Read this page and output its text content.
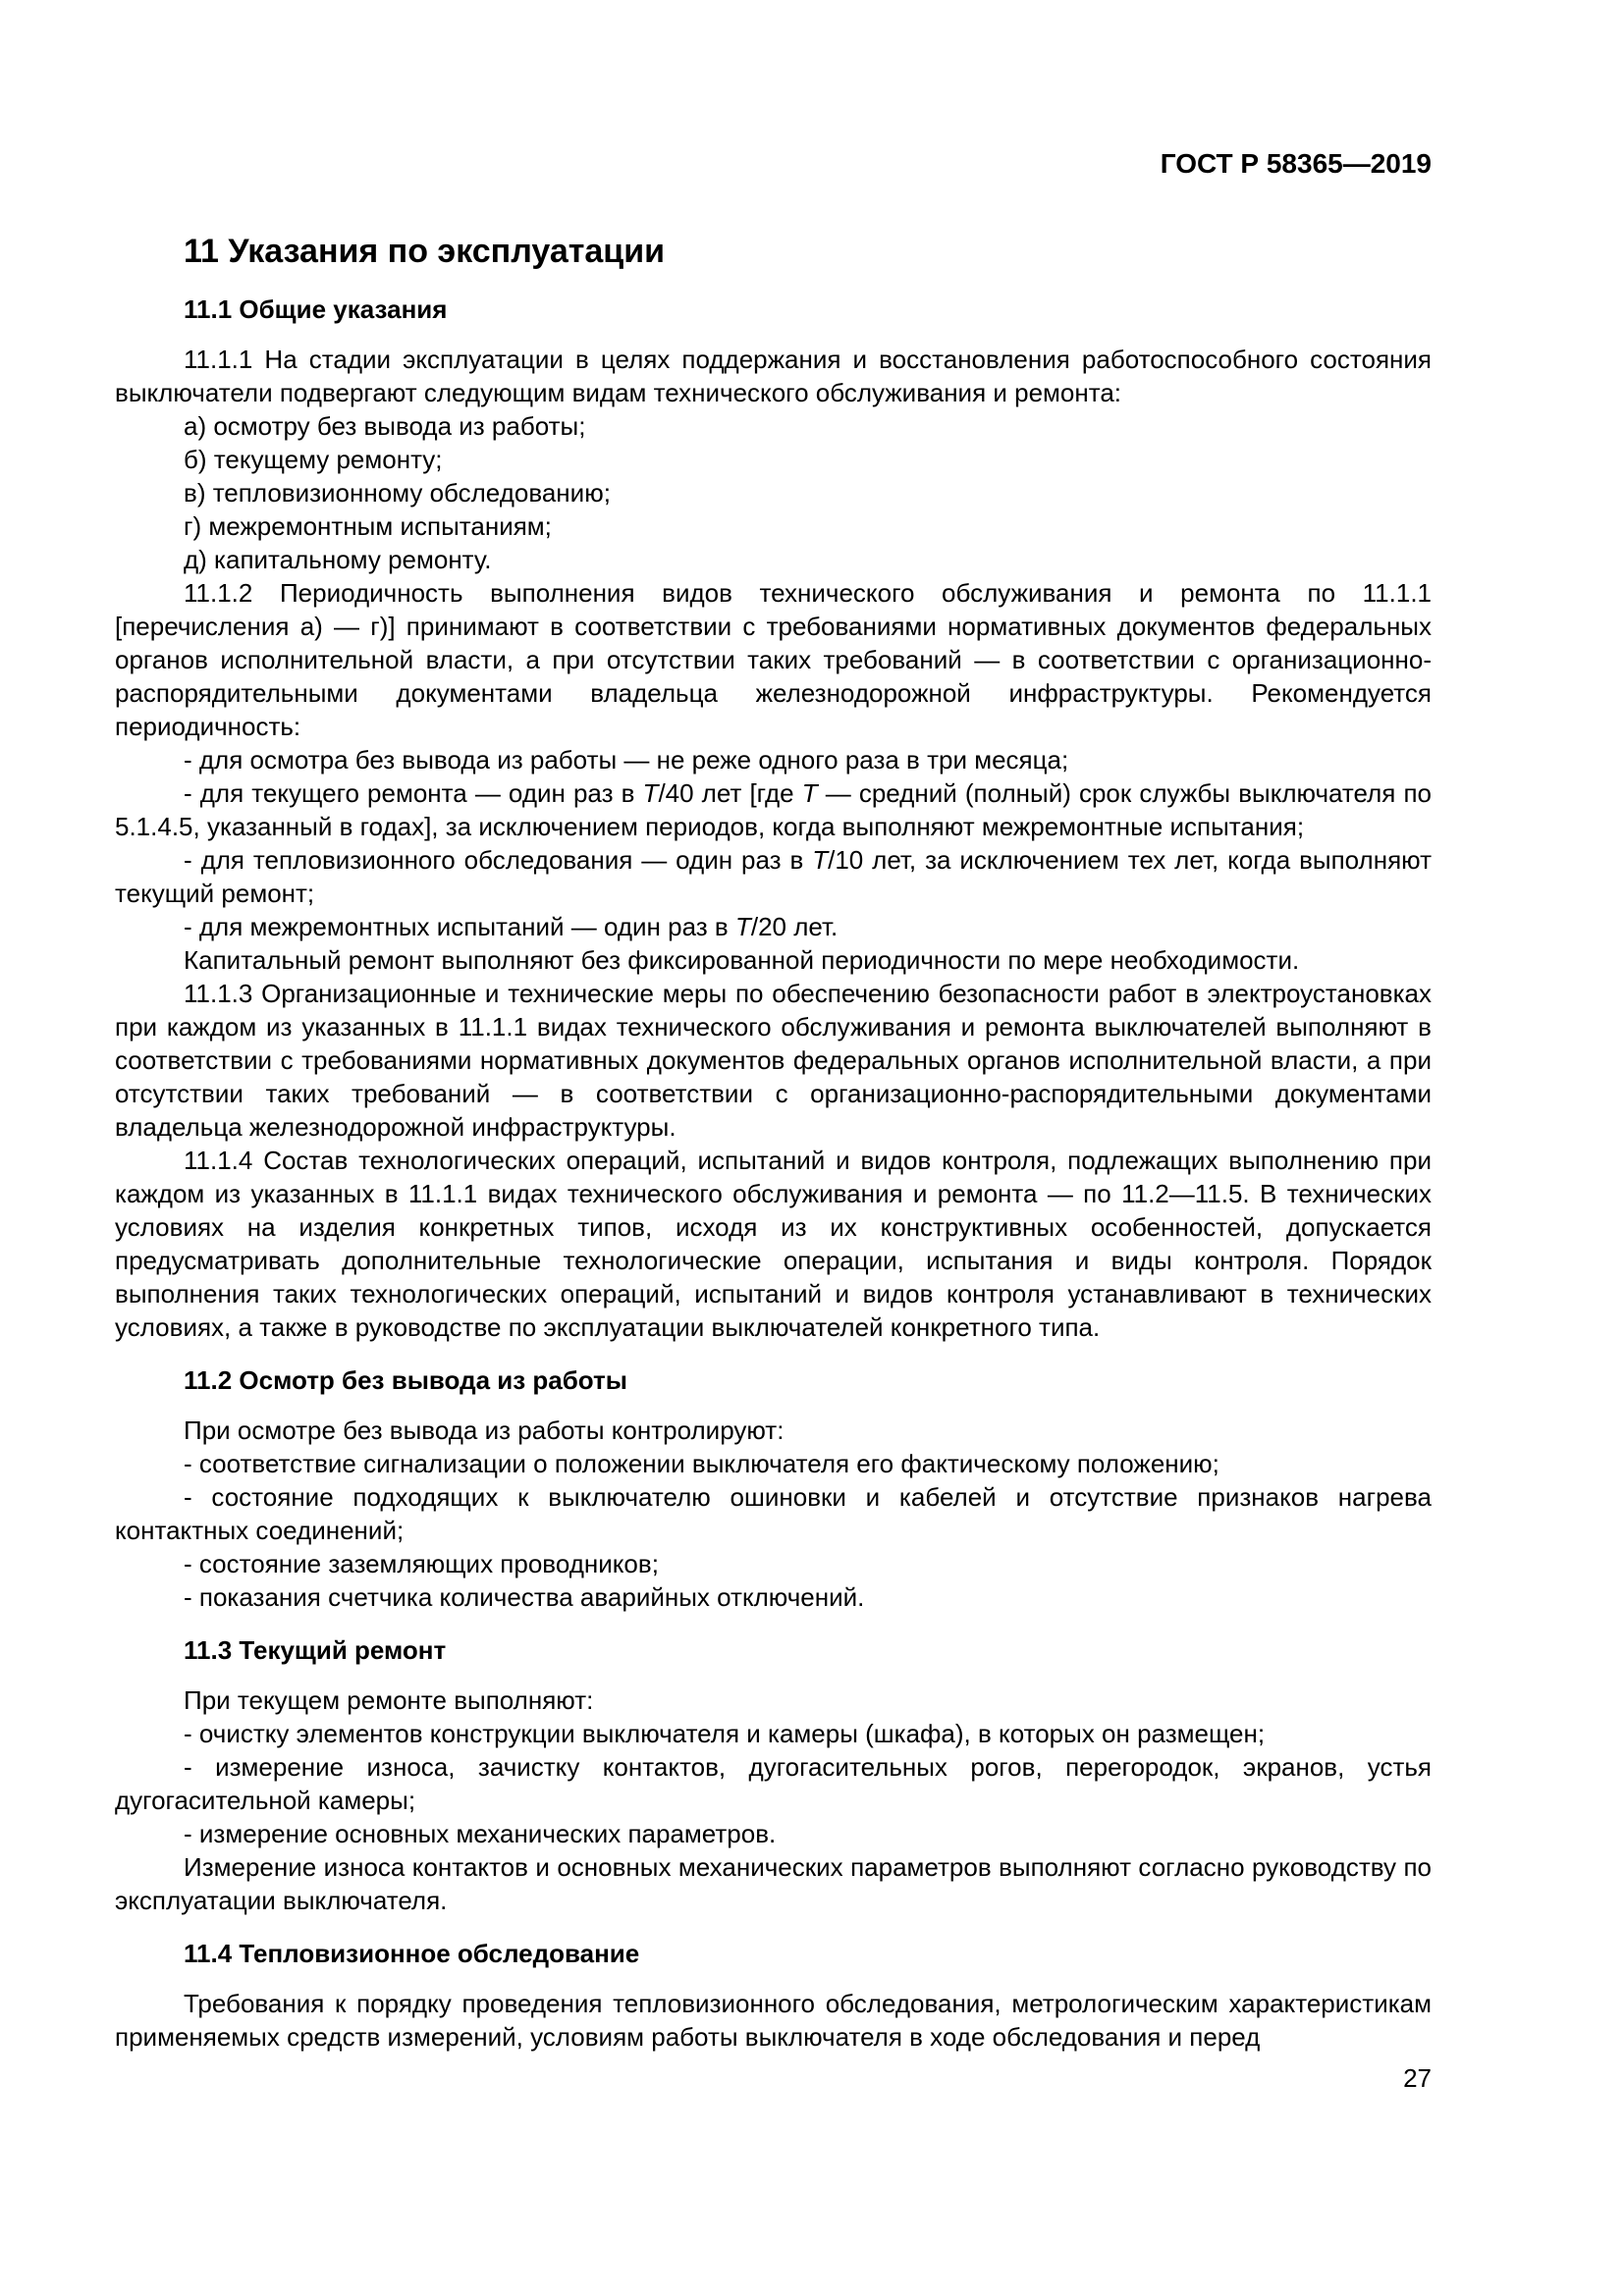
ГОСТ Р 58365—2019
11 Указания по эксплуатации
11.1 Общие указания

11.1.1 На стадии эксплуатации в целях поддержания и восстановления работоспособного состояния выключатели подвергают следующим видам технического обслуживания и ремонта:

а) осмотру без вывода из работы;

б) текущему ремонту;

в) тепловизионному обследованию;

г) межремонтным испытаниям;

д) капитальному ремонту.

11.1.2 Периодичность выполнения видов технического обслуживания и ремонта по 11.1.1 [перечисления а) — г)] принимают в соответствии с требованиями нормативных документов федеральных органов исполнительной власти, а при отсутствии таких требований — в соответствии с организационно-распорядительными документами владельца железнодорожной инфраструктуры. Рекомендуется периодичность:

- для осмотра без вывода из работы — не реже одного раза в три месяца;

- для текущего ремонта — один раз в Т/40 лет [где Т — средний (полный) срок службы выключателя по 5.1.4.5, указанный в годах], за исключением периодов, когда выполняют межремонтные испытания;

- для тепловизионного обследования — один раз в Т/10 лет, за исключением тех лет, когда выполняют текущий ремонт;

- для межремонтных испытаний — один раз в Т/20 лет.

Капитальный ремонт выполняют без фиксированной периодичности по мере необходимости.

11.1.3 Организационные и технические меры по обеспечению безопасности работ в электроустановках при каждом из указанных в 11.1.1 видах технического обслуживания и ремонта выключателей выполняют в соответствии с требованиями нормативных документов федеральных органов исполнительной власти, а при отсутствии таких требований — в соответствии с организационно-распорядительными документами владельца железнодорожной инфраструктуры.

11.1.4 Состав технологических операций, испытаний и видов контроля, подлежащих выполнению при каждом из указанных в 11.1.1 видах технического обслуживания и ремонта — по 11.2—11.5. В технических условиях на изделия конкретных типов, исходя из их конструктивных особенностей, допускается предусматривать дополнительные технологические операции, испытания и виды контроля. Порядок выполнения таких технологических операций, испытаний и видов контроля устанавливают в технических условиях, а также в руководстве по эксплуатации выключателей конкретного типа.

11.2 Осмотр без вывода из работы

При осмотре без вывода из работы контролируют:

- соответствие сигнализации о положении выключателя его фактическому положению;

- состояние подходящих к выключателю ошиновки и кабелей и отсутствие признаков нагрева контактных соединений;

- состояние заземляющих проводников;

- показания счетчика количества аварийных отключений.

11.3 Текущий ремонт

При текущем ремонте выполняют:

- очистку элементов конструкции выключателя и камеры (шкафа), в которых он размещен;

- измерение износа, зачистку контактов, дугогасительных рогов, перегородок, экранов, устья дугогасительной камеры;

- измерение основных механических параметров.

Измерение износа контактов и основных механических параметров выполняют согласно руководству по эксплуатации выключателя.

11.4 Тепловизионное обследование

Требования к порядку проведения тепловизионного обследования, метрологическим характеристикам применяемых средств измерений, условиям работы выключателя в ходе обследования и перед

27
